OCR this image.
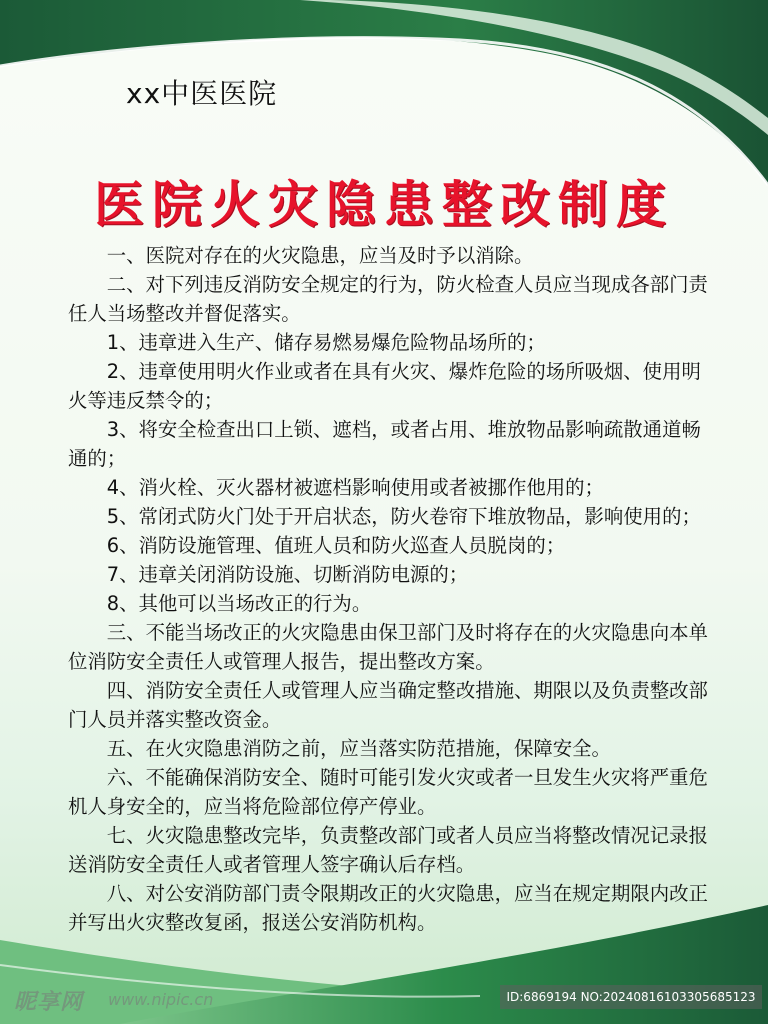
xx中医医院
医院火灾隐患整改制度

一、医院对存在的火灾隐患，应当及时予以消除。

二、对下列违反消防安全规定的行为，防火检查人员应当现成各部门责任人当场整改并督促落实。

1、违章进入生产、储存易燃易爆危险物品场所的；

2、违章使用明火作业或者在具有火灾、爆炸危险的场所吸烟、使用明火等违反禁令的；

3、将安全检查出口上锁、遮档，或者占用、堆放物品影响疏散通道畅通的；

4、消火栓、灭火器材被遮档影响使用或者被挪作他用的；

5、常闭式防火门处于开启状态，防火卷帘下堆放物品，影响使用的；

6、消防设施管理、值班人员和防火巡查人员脱岗的；

7、违章关闭消防设施、切断消防电源的；

8、其他可以当场改正的行为。

三、不能当场改正的火灾隐患由保卫部门及时将存在的火灾隐患向本单位消防安全责任人或管理人报告，提出整改方案。

四、消防安全责任人或管理人应当确定整改措施、期限以及负责整改部门人员并落实整改资金。

五、在火灾隐患消防之前，应当落实防范措施，保障安全。

六、不能确保消防安全、随时可能引发火灾或者一旦发生火灾将严重危机人身安全的，应当将危险部位停产停业。

七、火灾隐患整改完毕，负责整改部门或者人员应当将整改情况记录报送消防安全责任人或者管理人签字确认后存档。

八、对公安消防部门责令限期改正的火灾隐患，应当在规定期限内改正并写出火灾整改复函，报送公安消防机构。

昵享网 www.nipic.cn	ID:6869194 NO:20240816103305685123
